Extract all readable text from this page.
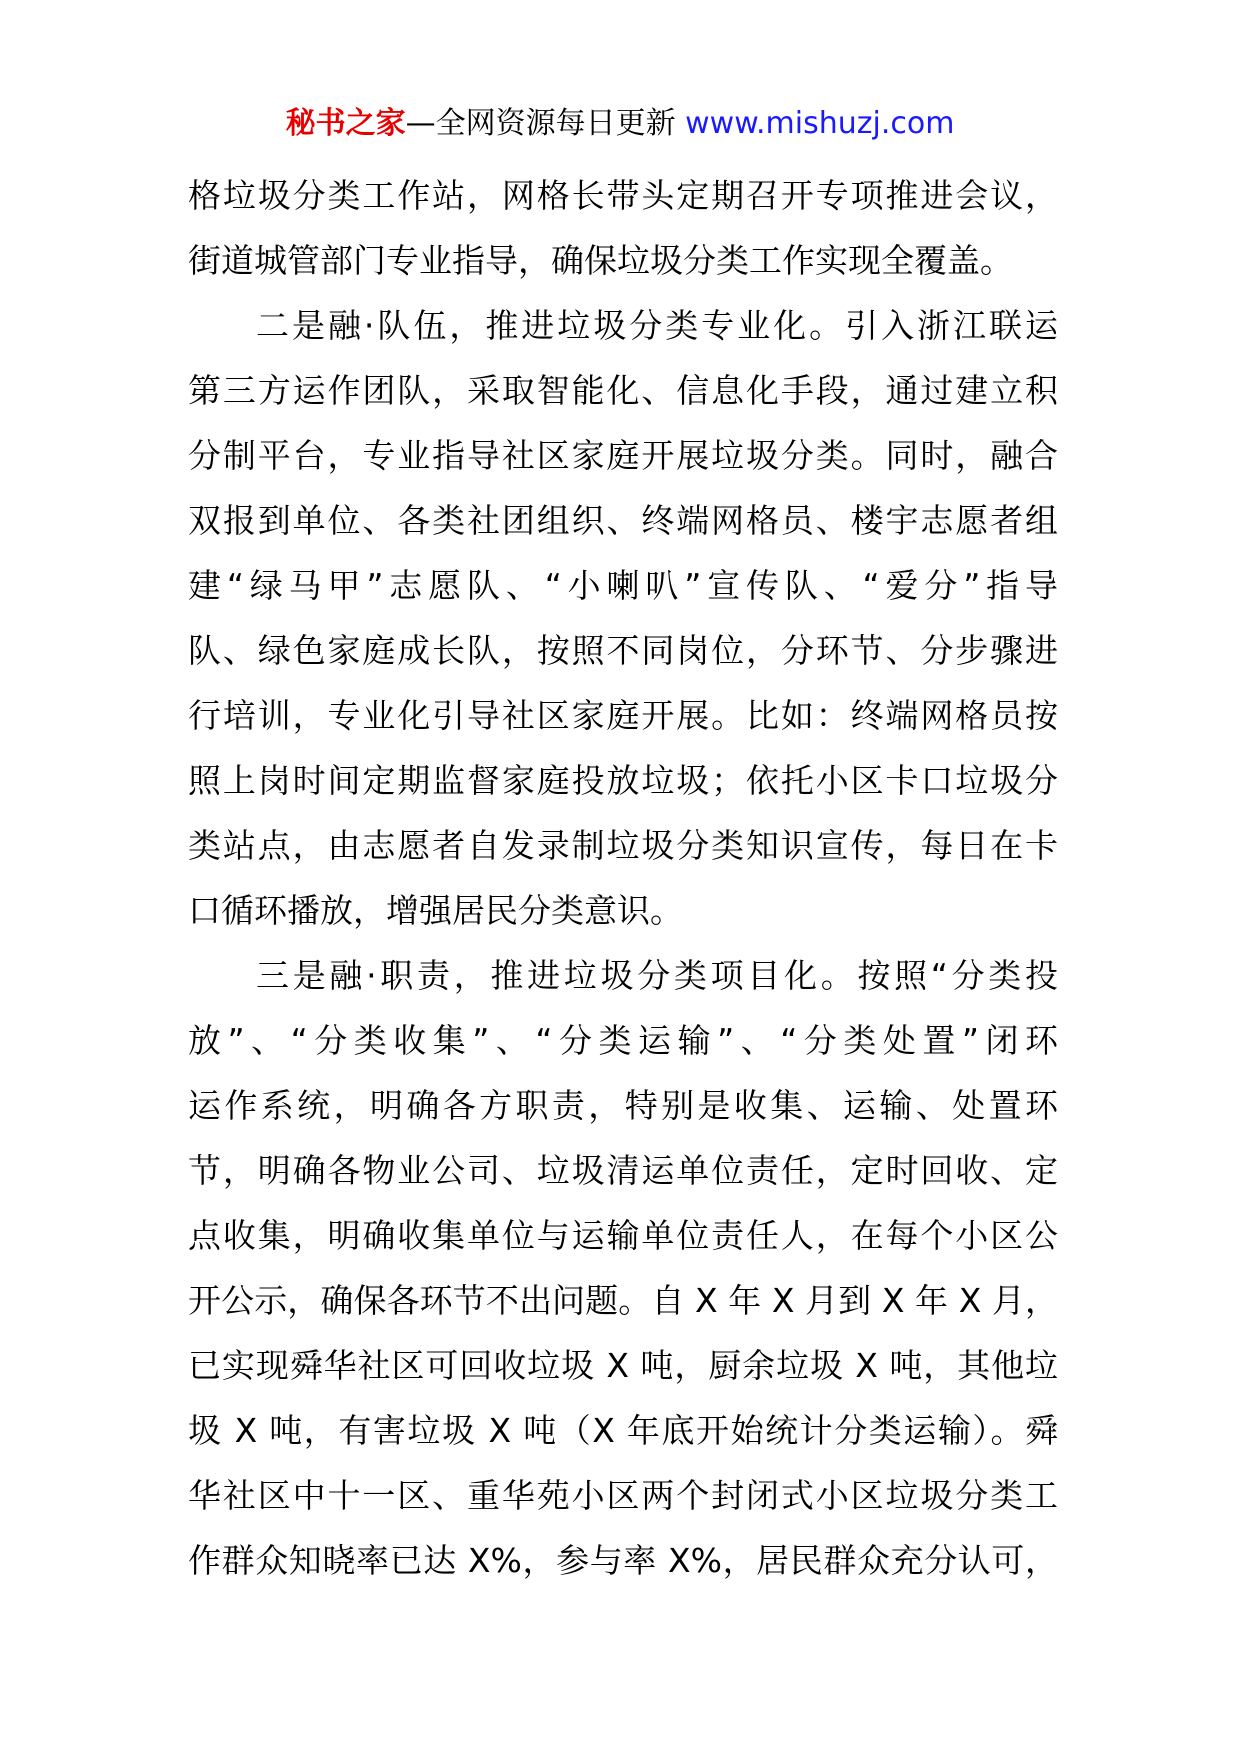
秘书之家—全网资源每日更新 www.mishuzj.com
格垃圾分类工作站，网格长带头定期召开专项推进会议，
街道城管部门专业指导，确保垃圾分类工作实现全覆盖。
二是融·队伍，推进垃圾分类专业化。引入浙江联运
第三方运作团队，采取智能化、信息化手段，通过建立积
分制平台，专业指导社区家庭开展垃圾分类。同时，融合
双报到单位、各类社团组织、终端网格员、楼宇志愿者组
建“绿马甲”志愿队、“小喇叭”宣传队、“爱分”指导
队、绿色家庭成长队，按照不同岗位，分环节、分步骤进
行培训，专业化引导社区家庭开展。比如：终端网格员按
照上岗时间定期监督家庭投放垃圾；依托小区卡口垃圾分
类站点，由志愿者自发录制垃圾分类知识宣传，每日在卡
口循环播放，增强居民分类意识。
三是融·职责，推进垃圾分类项目化。按照“分类投
放”、“分类收集”、“分类运输”、“分类处置”闭环
运作系统，明确各方职责，特别是收集、运输、处置环
节，明确各物业公司、垃圾清运单位责任，定时回收、定
点收集，明确收集单位与运输单位责任人，在每个小区公
开公示，确保各环节不出问题。自 X 年 X 月到 X 年 X 月，
已实现舜华社区可回收垃圾 X 吨，厨余垃圾 X 吨，其他垃
圾 X 吨，有害垃圾 X 吨（X 年底开始统计分类运输）。舜
华社区中十一区、重华苑小区两个封闭式小区垃圾分类工
作群众知晓率已达 X%，参与率 X%，居民群众充分认可，
